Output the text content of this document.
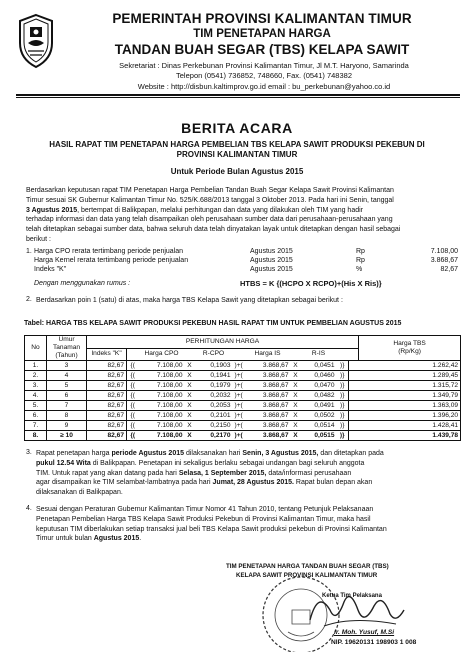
PEMERINTAH PROVINSI KALIMANTAN TIMUR
TIM PENETAPAN HARGA
TANDAN BUAH SEGAR (TBS) KELAPA SAWIT
Sekretariat : Dinas Perkebunan Provinsi Kalimantan Timur, Jl M.T. Haryono, Samarinda
Telepon (0541) 736852, 748660, Fax. (0541) 748382
Website : http://disbun.kaltimprov.go.id email : bu_perkebunan@yahoo.co.id
BERITA ACARA
HASIL RAPAT TIM PENETAPAN HARGA PEMBELIAN TBS KELAPA SAWIT PRODUKSI PEKEBUN DI
PROVINSI KALIMANTAN TIMUR
Untuk Periode Bulan Agustus 2015
Berdasarkan keputusan rapat TIM Penetapan Harga Pembelian Tandan Buah Segar Kelapa Sawit Provinsi Kalimantan
Timur sesuai SK Gubernur Kalimantan Timur No. 525/K.688/2013 tanggal 3 Oktober 2013. Pada hari ini Senin, tanggal
3 Agustus 2015, bertempat di Balikpapan, melalui perhitungan dan data yang dilakukan oleh TIM yang hadir
terhadap informasi dan data yang telah disampaikan oleh perusahaan sumber data dari perusahaan-perusahaan yang
telah ditetapkan sebagai sumber data, bahwa seluruh data telah dinyatakan layak untuk ditetapkan dengan hasil sebagai
berikut :
1. Harga CPO rerata tertimbang periode penjualan	Agustus 2015	Rp	7.108,00
Harga Kernel rerata tertimbang periode penjualan	Agustus 2015	Rp	3.868,67
Indeks "K"	Agustus 2015	%	82,67
Dengan menggunakan rumus :	HTBS = K {(HCPO X RCPO)+(His X Ris)}
2. Berdasarkan poin 1 (satu) di atas, maka harga TBS Kelapa Sawit yang ditetapkan sebagai berikut :
Tabel: HARGA TBS KELAPA SAWIT PRODUKSI PEKEBUN HASIL RAPAT TIM UNTUK PEMBELIAN AGUSTUS 2015
No	Umur
Tanaman
(Tahun)	PERHITUNGAN HARGA											Harga TBS
(Rp/Kg)
		Indeks "K"		Harga CPO		R-CPO		Harga IS		R-IS			
1.	3	82,67	{(	7.108,00	X	0,1903	)+(	3.868,67	X	0,0451	)}	1.262,42	
2.	4	82,67	{(	7.108,00	X	0,1941	)+(	3.868,67	X	0,0460	)}	1.289,45	
3.	5	82,67	{(	7.108,00	X	0,1979	)+(	3.868,67	X	0,0470	)}	1.315,72	
4.	6	82,67	{(	7.108,00	X	0,2032	)+(	3.868,67	X	0,0482	)}	1.349,79	
5.	7	82,67	{(	7.108,00	X	0,2053	)+(	3.868,67	X	0,0491	)}	1.363,09	
6.	8	82,67	{(	7.108,00	X	0,2101	)+(	3.868,67	X	0,0502	)}	1.396,20	
7.	9	82,67	{(	7.108,00	X	0,2150	)+(	3.868,67	X	0,0514	)}	1.428,41	
8.	≥ 10	82,67	{(	7.108,00	X	0,2170	)+(	3.868,67	X	0,0515	)}	1.439,78	
3. Rapat penetapan harga periode Agustus 2015 dilaksanakan hari Senin, 3 Agustus 2015, dan ditetapkan pada
pukul 12.54 Wita di Balikpapan. Penetapan ini sekaligus berlaku sebagai undangan bagi seluruh anggota
TIM. Untuk rapat yang akan datang pada hari Selasa, 1 September 2015, data/informasi perusahaan
agar disampaikan ke TIM selambat-lambatnya pada hari Jumat, 28 Agustus 2015. Rapat bulan depan akan
dilaksanakan di Balikpapan.
4. Sesuai dengan Peraturan Gubernur Kalimantan Timur Nomor 41 Tahun 2010, tentang Petunjuk Pelaksanaan
Penetapan Pembelian Harga TBS Kelapa Sawit Produksi Pekebun di Provinsi Kalimantan Timur, maka hasil
keputusan TIM diberlakukan setiap transaksi jual beli TBS Kelapa Sawit produksi pekebun di Provinsi Kalimantan
Timur untuk bulan Agustus 2015.
TIM PENETAPAN HARGA TANDAN BUAH SEGAR (TBS)
KELAPA SAWIT PROVINSI KALIMANTAN TIMUR
Ketua Tim Pelaksana
Ir. Moh. Yusuf, M.Si
NIP. 19620131 198903 1 008
